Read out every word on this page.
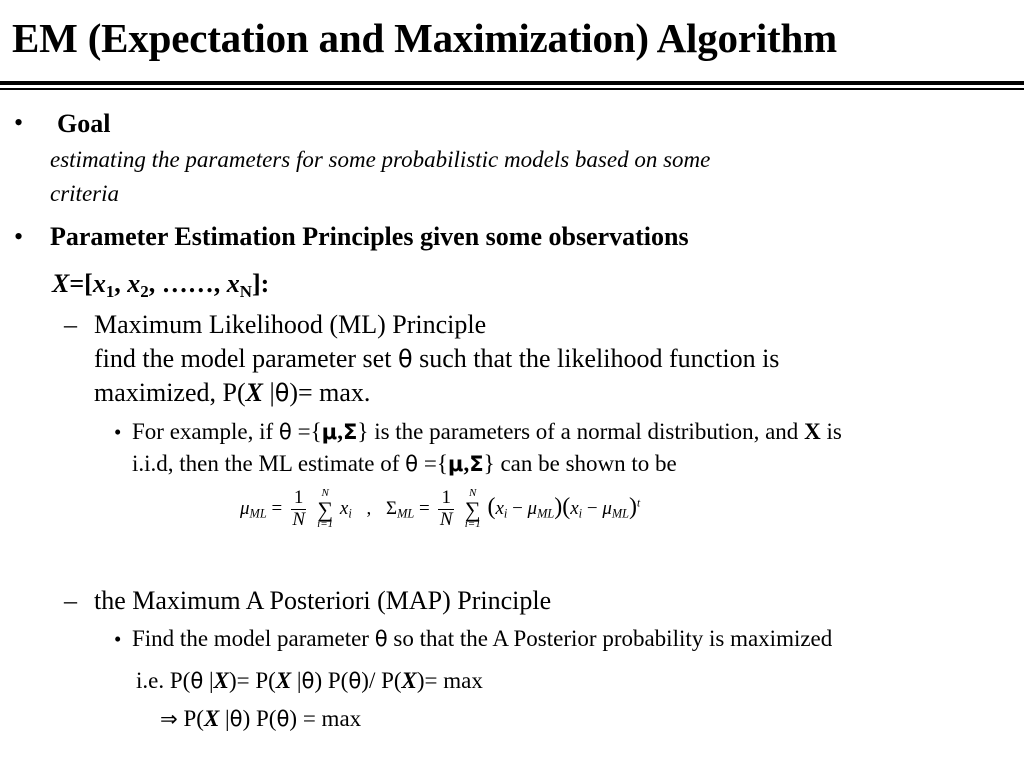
EM (Expectation and Maximization) Algorithm
• Goal
estimating the parameters for some probabilistic models based on some
criteria
• Parameter Estimation Principles given some observations
$X=[x_1$, $x_2$, ……, $x_N$]:
– Maximum Likelihood (ML) Principle
find the model parameter set θ such that the likelihood function is
maximized, P(X |θ)= max.
• For example, if θ ={μ,Σ} is the parameters of a normal distribution, and X is
i.i.d, then the ML estimate of θ ={μ,Σ} can be shown to be
$\mu_{ML} = \frac{1}{N}$ N
∑
i=1 $x_i$ , $\Sigma_{ML} = \frac{1}{N}$ N
∑
i=1 $(x_i - \mu_{ML})(x_i - \mu_{ML})^t$
– the Maximum A Posteriori (MAP) Principle
• Find the model parameter θ so that the A Posterior probability is maximized
i.e. P(θ |X)= P(X |θ) P(θ)/ P(X)= max
⇒ P(X |θ) P(θ) = max
